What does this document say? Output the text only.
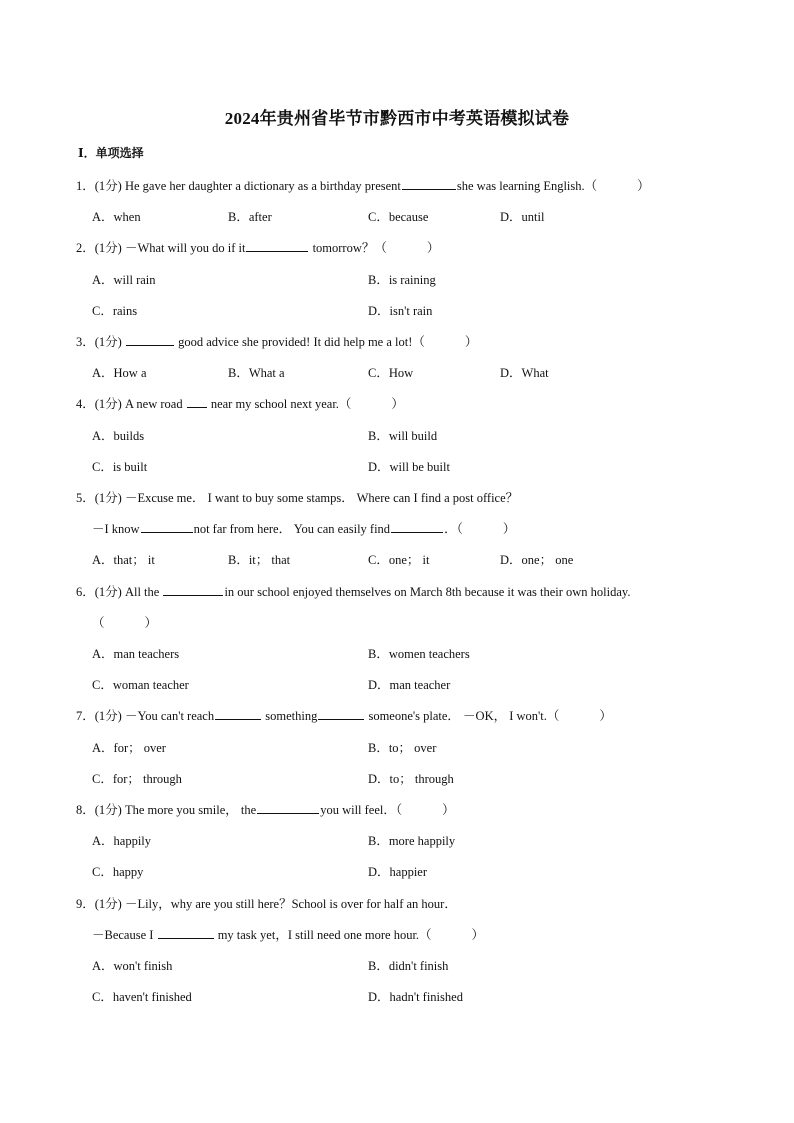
2024年贵州省毕节市黔西市中考英语模拟试卷
Ⅰ．单项选择
1．(1分) He gave her daughter a dictionary as a birthday present	she was learning English.（	）
A．when	B．after	C．because	D．until
2．(1分) －What will you do if it	tomorrow？（	）
A．will rain	B．is raining
C．rains	D．isn't rain
3．(1分)	good advice she provided! It did help me a lot!（	）
A．How a	B．What a	C．How	D．What
4．(1分) A new road  near my school next year.（	）
A．builds	B．will build
C．is built	D．will be built
5．(1分) －Excuse me． I want to buy some stamps． Where can I find a post office？
－I know	not far from here． You can easily find	．（	）
A．that； it	B．it； that	C．one； it	D．one； one
6．(1分) All the	in our school enjoyed themselves on March 8th because it was their own holiday.
（	）
A．man teachers	B．women teachers
C．woman teacher	D．man teacher
7．(1分) －You can't reach	something	someone's plate． －OK， I won't.（	）
A．for； over	B．to； over
C．for； through	D．to； through
8．(1分) The more you smile， the	you will feel．（	）
A．happily	B．more happily
C．happy	D．happier
9．(1分) －Lily，why are you still here？School is over for half an hour．
－Because I	my task yet，I still need one more hour.（	）
A．won't finish	B．didn't finish
C．haven't finished	D．hadn't finished
